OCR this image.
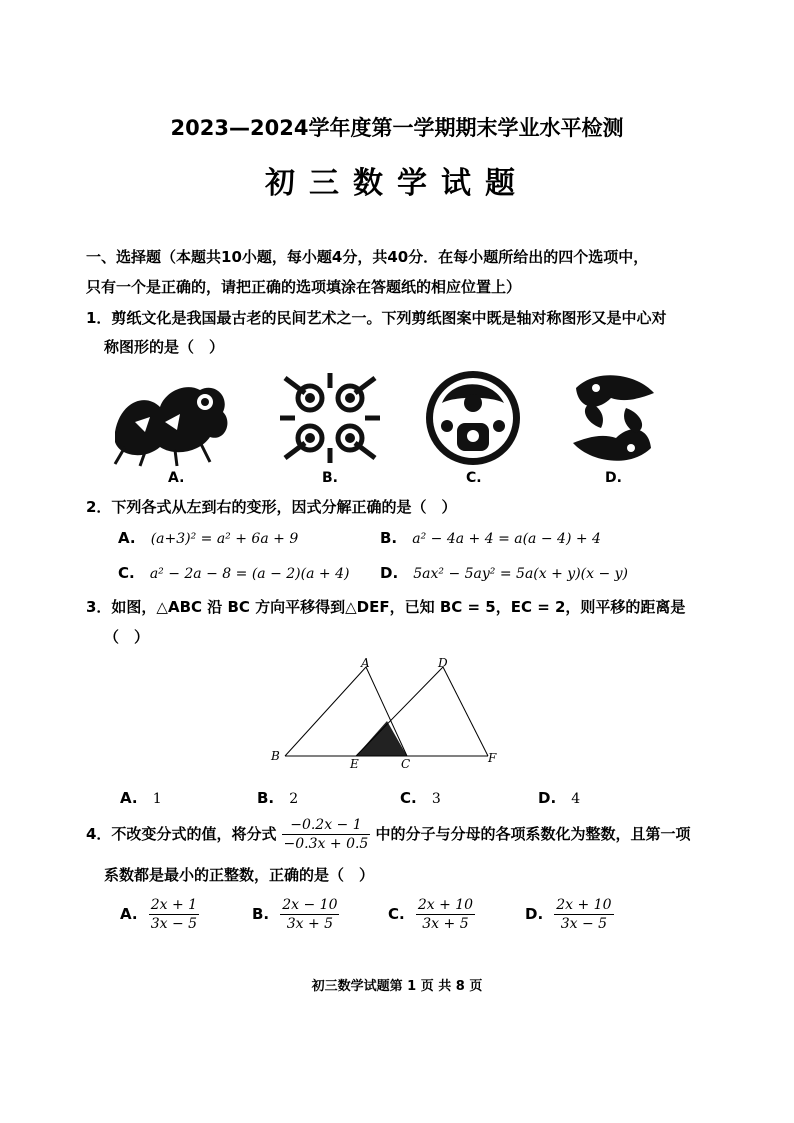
2023—2024学年度第一学期期末学业水平检测
初三数学试题
一、选择题（本题共10小题，每小题4分，共40分．在每小题所给出的四个选项中，
只有一个是正确的，请把正确的选项填涂在答题纸的相应位置上）
1．剪纸文化是我国最古老的民间艺术之一。下列剪纸图案中既是轴对称图形又是中心对
称图形的是（　）
A.	B.	C.	D.
2．下列各式从左到右的变形，因式分解正确的是（　）
A. (a+3)² = a² + 6a + 9	B. a² − 4a + 4 = a(a − 4) + 4
C. a² − 2a − 8 = (a − 2)(a + 4) D. 5ax² − 5ay² = 5a(x + y)(x − y)
3．如图，△ABC 沿 BC 方向平移得到△DEF，已知 BC = 5，EC = 2，则平移的距离是
（　）
A
B
C
D
E	F
A. 1	B. 2	C. 3	D. 4
4．不改变分式的值，将分式 $\frac{-0.2x - 1}{-0.3x + 0.5}$ 中的分子与分母的各项系数化为整数，且第一项
系数都是最小的正整数，正确的是（　）
A. $\frac{2x + 1}{3x - 5}$	B. $\frac{2x - 10}{3x + 5}$	C. $\frac{2x + 10}{3x + 5}$	D. $\frac{2x + 10}{3x - 5}$
初三数学试题第 1 页 共 8 页
